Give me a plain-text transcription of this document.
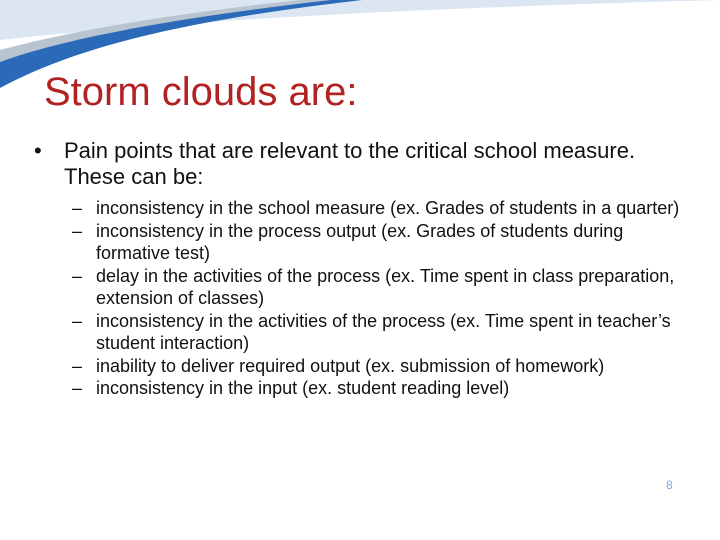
Storm clouds are:
• Pain points that are relevant to the critical school measure. These can be:
– inconsistency in the school measure (ex. Grades of students in a quarter)
– inconsistency in the process output (ex. Grades of students during formative test)
– delay in the activities of the process (ex. Time spent in class preparation, extension of classes)
– inconsistency in the activities of the process (ex. Time spent in teacher’s student interaction)
– inability to deliver required output (ex. submission of homework)
– inconsistency in the input (ex. student reading level)
8
